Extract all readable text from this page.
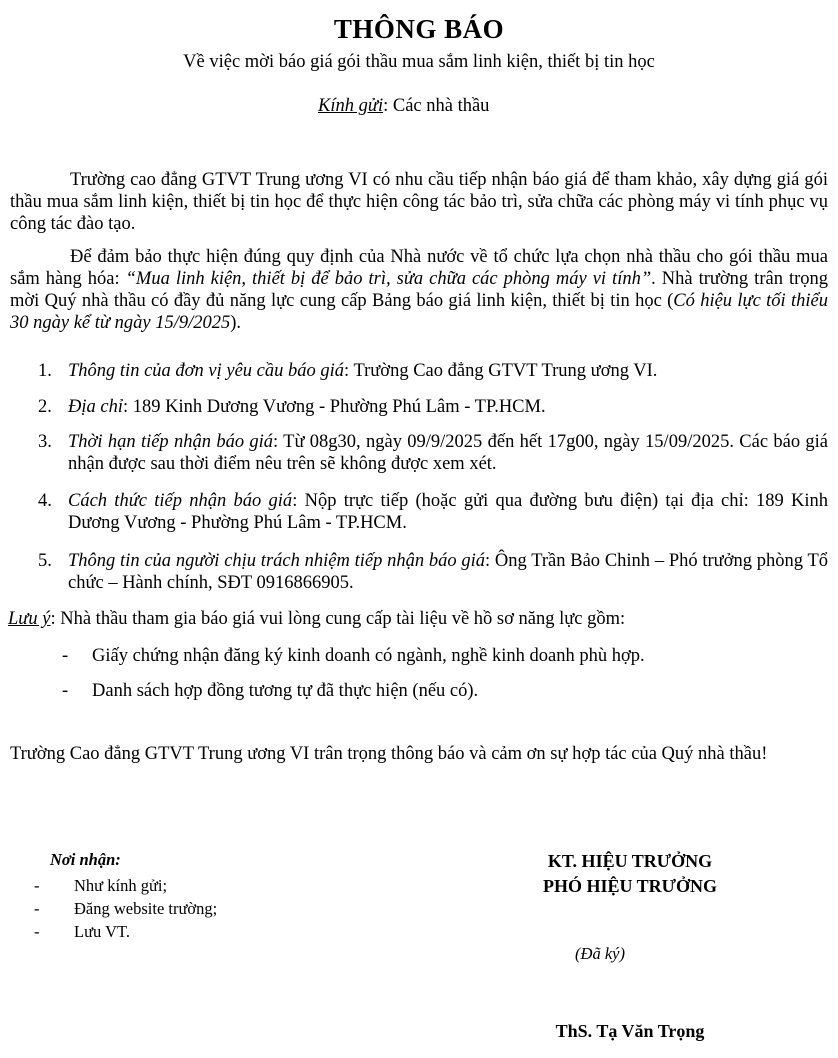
THÔNG BÁO
Về việc mời báo giá gói thầu mua sắm linh kiện, thiết bị tin học
Kính gửi: Các nhà thầu

Trường cao đẳng GTVT Trung ương VI có nhu cầu tiếp nhận báo giá để tham khảo, xây dựng giá gói thầu mua sắm linh kiện, thiết bị tin học để thực hiện công tác bảo trì, sửa chữa các phòng máy vi tính phục vụ công tác đào tạo.

Để đảm bảo thực hiện đúng quy định của Nhà nước về tổ chức lựa chọn nhà thầu cho gói thầu mua sắm hàng hóa: “Mua linh kiện, thiết bị để bảo trì, sửa chữa các phòng máy vi tính”. Nhà trường trân trọng mời Quý nhà thầu có đầy đủ năng lực cung cấp Bảng báo giá linh kiện, thiết bị tin học (Có hiệu lực tối thiểu 30 ngày kể từ ngày 15/9/2025).

1. Thông tin của đơn vị yêu cầu báo giá: Trường Cao đẳng GTVT Trung ương VI.
2. Địa chỉ: 189 Kinh Dương Vương - Phường Phú Lâm - TP.HCM.
3. Thời hạn tiếp nhận báo giá: Từ 08g30, ngày 09/9/2025 đến hết 17g00, ngày 15/09/2025. Các báo giá nhận được sau thời điểm nêu trên sẽ không được xem xét.
4. Cách thức tiếp nhận báo giá: Nộp trực tiếp (hoặc gửi qua đường bưu điện) tại địa chỉ: 189 Kinh Dương Vương - Phường Phú Lâm - TP.HCM.
5. Thông tin của người chịu trách nhiệm tiếp nhận báo giá: Ông Trần Bảo Chinh – Phó trưởng phòng Tổ chức – Hành chính, SĐT 0916866905.
Lưu ý: Nhà thầu tham gia báo giá vui lòng cung cấp tài liệu về hồ sơ năng lực gồm:
-	Giấy chứng nhận đăng ký kinh doanh có ngành, nghề kinh doanh phù hợp.
-	Danh sách hợp đồng tương tự đã thực hiện (nếu có).
Trường Cao đẳng GTVT Trung ương VI trân trọng thông báo và cảm ơn sự hợp tác của Quý nhà thầu!
Nơi nhận:
- Như kính gửi;
- Đăng website trường;
- Lưu VT.
KT. HIỆU TRƯỞNG
PHÓ HIỆU TRƯỞNG
(Đã ký)
ThS. Tạ Văn Trọng
